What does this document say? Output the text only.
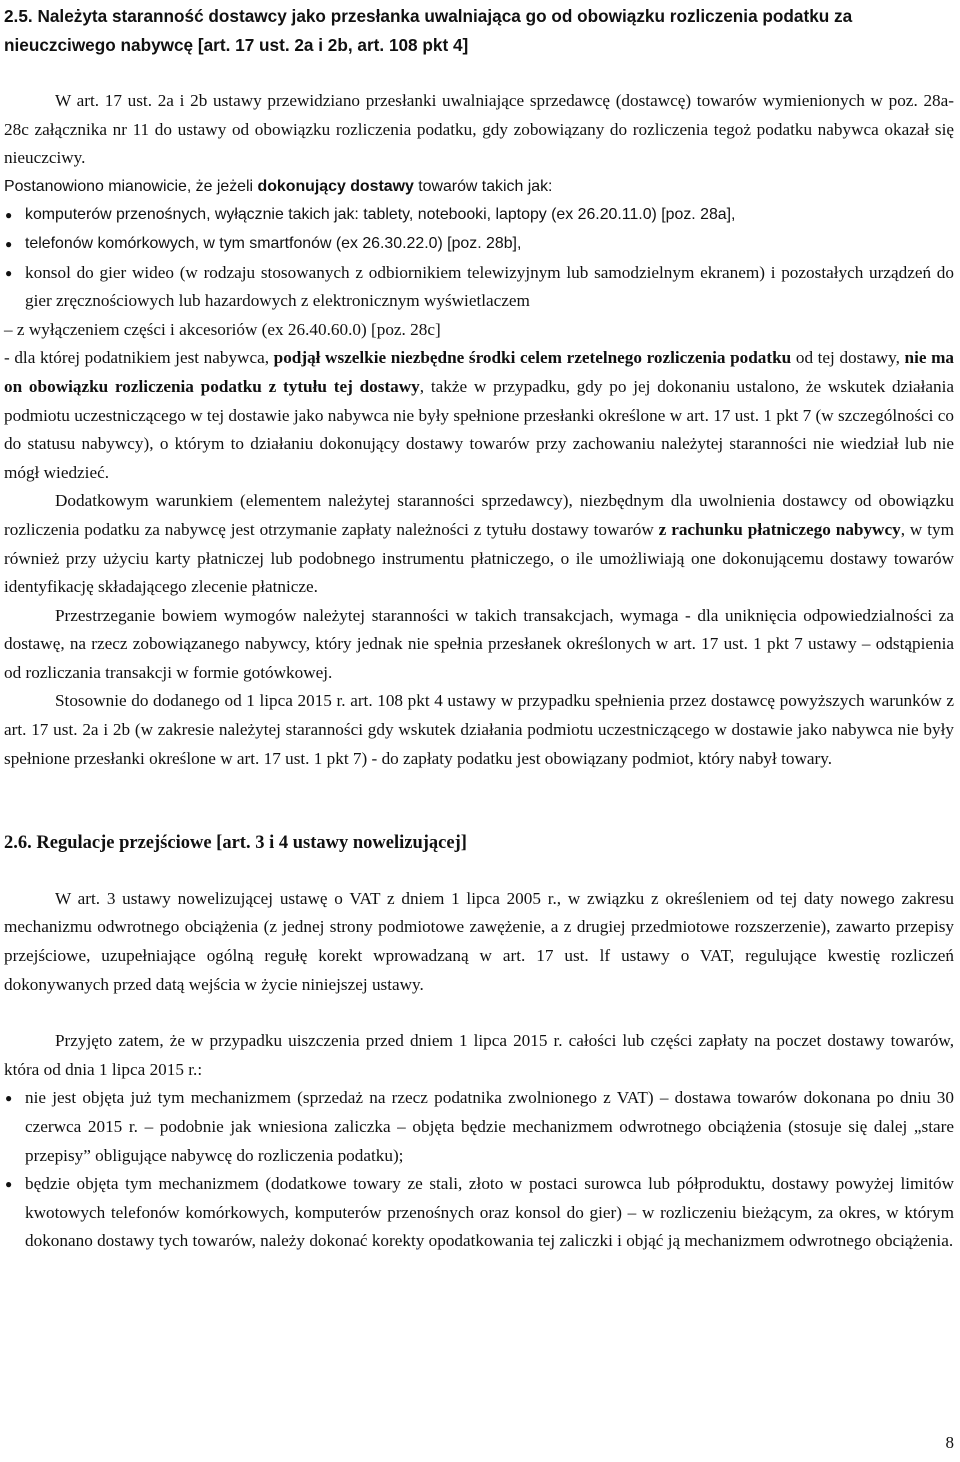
2.5. Należyta staranność dostawcy jako przesłanka uwalniająca go od obowiązku rozliczenia podatku za nieuczciwego nabywcę [art. 17 ust. 2a i 2b, art. 108 pkt 4]

W art. 17 ust. 2a i 2b ustawy przewidziano przesłanki uwalniające sprzedawcę (dostawcę) towarów wymienionych w poz. 28a-28c załącznika nr 11 do ustawy od obowiązku rozliczenia podatku, gdy zobowiązany do rozliczenia tegoż podatku nabywca okazał się nieuczciwy.

Postanowiono mianowicie, że jeżeli dokonujący dostawy towarów takich jak:

● komputerów przenośnych, wyłącznie takich jak: tablety, notebooki, laptopy (ex 26.20.11.0) [poz. 28a],
● telefonów komórkowych, w tym smartfonów (ex 26.30.22.0) [poz. 28b],
● konsol do gier wideo (w rodzaju stosowanych z odbiornikiem telewizyjnym lub samodzielnym ekranem) i pozostałych urządzeń do gier zręcznościowych lub hazardowych z elektronicznym wyświetlaczem

– z wyłączeniem części i akcesoriów (ex 26.40.60.0) [poz. 28c]

- dla której podatnikiem jest nabywca, podjął wszelkie niezbędne środki celem rzetelnego rozliczenia podatku od tej dostawy, nie ma on obowiązku rozliczenia podatku z tytułu tej dostawy, także w przypadku, gdy po jej dokonaniu ustalono, że wskutek działania podmiotu uczestniczącego w tej dostawie jako nabywca nie były spełnione przesłanki określone w art. 17 ust. 1 pkt 7 (w szczególności co do statusu nabywcy), o którym to działaniu dokonujący dostawy towarów przy zachowaniu należytej staranności nie wiedział lub nie mógł wiedzieć.

Dodatkowym warunkiem (elementem należytej staranności sprzedawcy), niezbędnym dla uwolnienia dostawcy od obowiązku rozliczenia podatku za nabywcę jest otrzymanie zapłaty należności z tytułu dostawy towarów z rachunku płatniczego nabywcy, w tym również przy użyciu karty płatniczej lub podobnego instrumentu płatniczego, o ile umożliwiają one dokonującemu dostawy towarów identyfikację składającego zlecenie płatnicze.

Przestrzeganie bowiem wymogów należytej staranności w takich transakcjach, wymaga - dla uniknięcia odpowiedzialności za dostawę, na rzecz zobowiązanego nabywcy, który jednak nie spełnia przesłanek określonych w art. 17 ust. 1 pkt 7 ustawy – odstąpienia od rozliczania transakcji w formie gotówkowej.

Stosownie do dodanego od 1 lipca 2015 r. art. 108 pkt 4 ustawy w przypadku spełnienia przez dostawcę powyższych warunków z art. 17 ust. 2a i 2b (w zakresie należytej staranności gdy wskutek działania podmiotu uczestniczącego w dostawie jako nabywca nie były spełnione przesłanki określone w art. 17 ust. 1 pkt 7) - do zapłaty podatku jest obowiązany podmiot, który nabył towary.

2.6. Regulacje przejściowe [art. 3 i 4 ustawy nowelizującej]

W art. 3 ustawy nowelizującej ustawę o VAT z dniem 1 lipca 2005 r., w związku z określeniem od tej daty nowego zakresu mechanizmu odwrotnego obciążenia (z jednej strony podmiotowe zawężenie, a z drugiej przedmiotowe rozszerzenie), zawarto przepisy przejściowe, uzupełniające ogólną regułę korekt wprowadzaną w art. 17 ust. lf ustawy o VAT, regulujące kwestię rozliczeń dokonywanych przed datą wejścia w życie niniejszej ustawy.

Przyjęto zatem, że w przypadku uiszczenia przed dniem 1 lipca 2015 r. całości lub części zapłaty na poczet dostawy towarów, która od dnia 1 lipca 2015 r.:

● nie jest objęta już tym mechanizmem (sprzedaż na rzecz podatnika zwolnionego z VAT) – dostawa towarów dokonana po dniu 30 czerwca 2015 r. – podobnie jak wniesiona zaliczka – objęta będzie mechanizmem odwrotnego obciążenia (stosuje się dalej „stare przepisy” obligujące nabywcę do rozliczenia podatku);
● będzie objęta tym mechanizmem (dodatkowe towary ze stali, złoto w postaci surowca lub półproduktu, dostawy powyżej limitów kwotowych telefonów komórkowych, komputerów przenośnych oraz konsol do gier) – w rozliczeniu bieżącym, za okres, w którym dokonano dostawy tych towarów, należy dokonać korekty opodatkowania tej zaliczki i objąć ją mechanizmem odwrotnego obciążenia.
8
